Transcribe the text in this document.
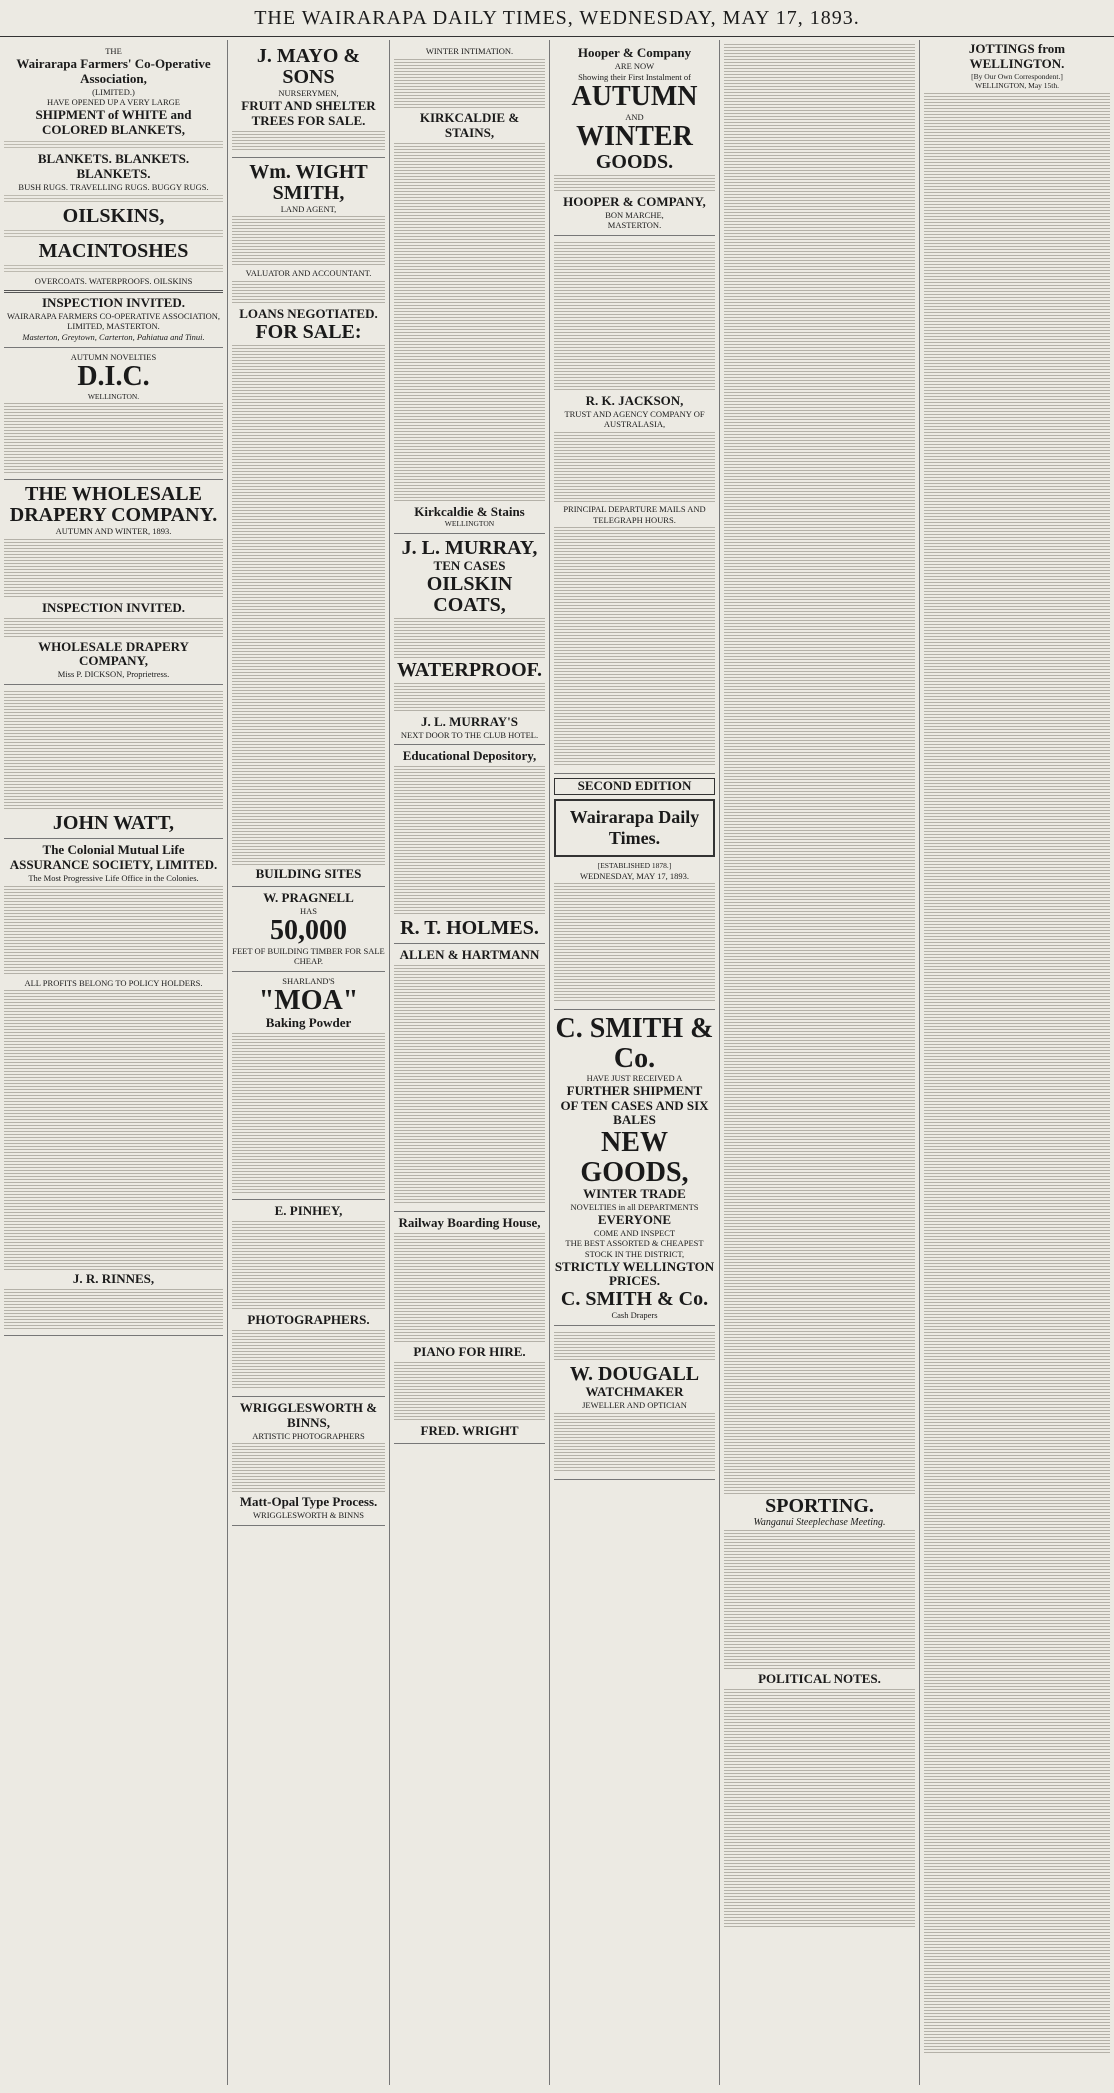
THE WAIRARAPA DAILY TIMES, WEDNESDAY, MAY 17, 1893.
THE
Wairarapa Farmers' Co-Operative Association,
(LIMITED.)
HAVE OPENED UP A VERY LARGE
SHIPMENT of WHITE and COLORED BLANKETS,
BLANKETS. BLANKETS. BLANKETS.
BUSH RUGS. TRAVELLING RUGS. BUGGY RUGS.
OILSKINS,
MACINTOSHES
OVERCOATS. WATERPROOFS. OILSKINS
INSPECTION INVITED.
WAIRARAPA FARMERS CO-OPERATIVE ASSOCIATION, LIMITED, MASTERTON.
Masterton, Greytown, Carterton, Pahiatua and Tinui.
AUTUMN NOVELTIES
D.I.C.
WELLINGTON.
THE WHOLESALE DRAPERY COMPANY.
AUTUMN AND WINTER, 1893.
INSPECTION INVITED.
WHOLESALE DRAPERY COMPANY,
Miss P. DICKSON, Proprietress.
JOHN WATT,
The Colonial Mutual Life ASSURANCE SOCIETY, LIMITED.
The Most Progressive Life Office in the Colonies.
ALL PROFITS BELONG TO POLICY HOLDERS.
J. R. RINNES,
J. MAYO & SONS
NURSERYMEN,
FRUIT AND SHELTER TREES FOR SALE.
Wm. WIGHT SMITH,
LAND AGENT,
VALUATOR AND ACCOUNTANT.
LOANS NEGOTIATED.
FOR SALE:
BUILDING SITES
W. PRAGNELL
HAS
50,000
FEET OF BUILDING TIMBER FOR SALE CHEAP.
SHARLAND'S
"MOA"
Baking Powder
E. PINHEY,
PHOTOGRAPHERS.
WRIGGLESWORTH & BINNS,
ARTISTIC PHOTOGRAPHERS
Matt-Opal Type Process.
WRIGGLESWORTH & BINNS
WINTER INTIMATION.
KIRKCALDIE & STAINS,
Kirkcaldie & Stains
WELLINGTON
J. L. MURRAY,
TEN CASES
OILSKIN COATS,
WATERPROOF.
J. L. MURRAY'S
NEXT DOOR TO THE CLUB HOTEL.
Educational Depository,
R. T. HOLMES.
ALLEN & HARTMANN
Railway Boarding House,
PIANO FOR HIRE.
FRED. WRIGHT
Hooper & Company
ARE NOW
Showing their First Instalment of
AUTUMN
AND
WINTER
GOODS.
HOOPER & COMPANY,
BON MARCHE,
MASTERTON.
R. K. JACKSON,
TRUST AND AGENCY COMPANY OF AUSTRALASIA,
PRINCIPAL DEPARTURE MAILS AND TELEGRAPH HOURS.
SECOND EDITION
Wairarapa Daily Times.
[ESTABLISHED 1878.]
WEDNESDAY, MAY 17, 1893.
C. SMITH & Co.
HAVE JUST RECEIVED A
FURTHER SHIPMENT
OF TEN CASES AND SIX BALES
NEW GOODS,
WINTER TRADE
NOVELTIES in all DEPARTMENTS
EVERYONE
COME AND INSPECT
THE BEST ASSORTED & CHEAPEST STOCK IN THE DISTRICT,
STRICTLY WELLINGTON PRICES.
C. SMITH & Co.
Cash Drapers
W. DOUGALL
WATCHMAKER
JEWELLER AND OPTICIAN
SPORTING.
Wanganui Steeplechase Meeting.
POLITICAL NOTES.
JOTTINGS from WELLINGTON.
[By Our Own Correspondent.]
WELLINGTON, May 15th.
